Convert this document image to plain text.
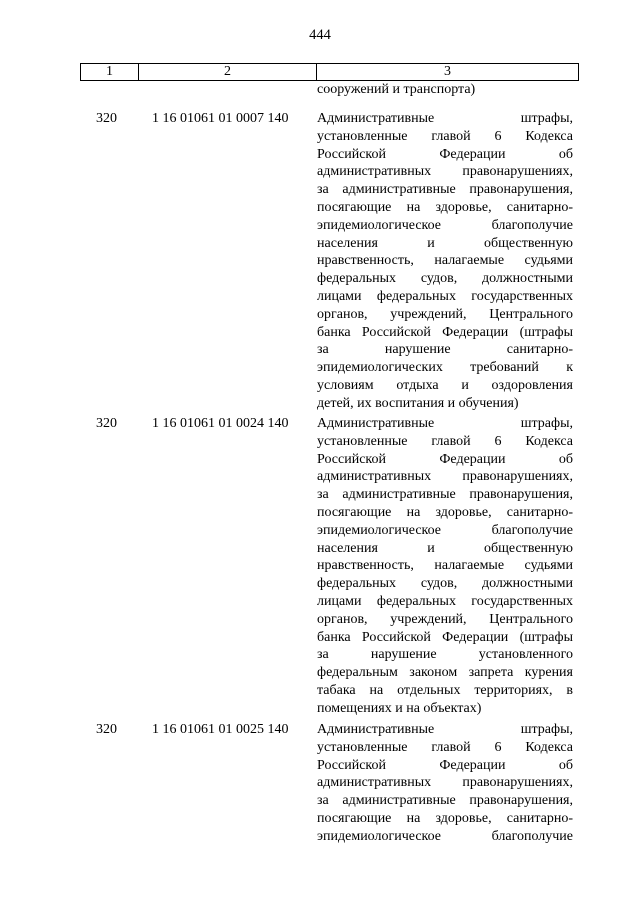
444
1	2	3
сооружений и транспорта)
320	1 16 01061 01 0007 140	Административные штрафы,
установленные главой 6 Кодекса
Российской Федерации об
административных правонарушениях,
за административные правонарушения,
посягающие на здоровье, санитарно-
эпидемиологическое благополучие
населения и общественную
нравственность, налагаемые судьями
федеральных судов, должностными
лицами федеральных государственных
органов, учреждений, Центрального
банка Российской Федерации (штрафы
за нарушение санитарно-
эпидемиологических требований к
условиям отдыха и оздоровления
детей, их воспитания и обучения)
320	1 16 01061 01 0024 140	Административные штрафы,
установленные главой 6 Кодекса
Российской Федерации об
административных правонарушениях,
за административные правонарушения,
посягающие на здоровье, санитарно-
эпидемиологическое благополучие
населения и общественную
нравственность, налагаемые судьями
федеральных судов, должностными
лицами федеральных государственных
органов, учреждений, Центрального
банка Российской Федерации (штрафы
за нарушение установленного
федеральным законом запрета курения
табака на отдельных территориях, в
помещениях и на объектах)
320	1 16 01061 01 0025 140	Административные штрафы,
установленные главой 6 Кодекса
Российской Федерации об
административных правонарушениях,
за административные правонарушения,
посягающие на здоровье, санитарно-
эпидемиологическое благополучие
